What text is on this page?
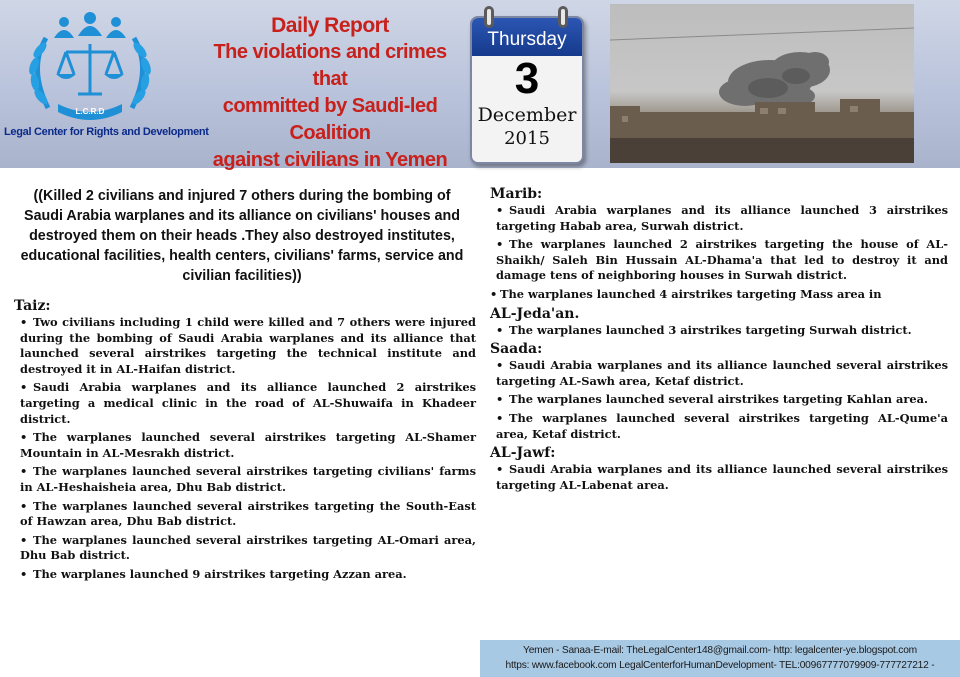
L.C.R.D
Legal Center for Rights and Development
Daily Report
The violations and crimes that
committed by Saudi-led Coalition
against civilians in Yemen
Thursday
3
December
2015

((Killed 2 civilians and injured 7 others during the bombing of Saudi Arabia warplanes and its alliance on civilians' houses and destroyed them on their heads .They also destroyed institutes, educational facilities, health centers, civilians' farms, service and civilian facilities))

Taiz:

• Two civilians including 1 child were killed and 7 others were injured during the bombing of Saudi Arabia warplanes and its alliance that launched several airstrikes targeting the technical institute and destroyed it in AL-Haifan district.

• Saudi Arabia warplanes and its alliance launched 2 airstrikes targeting a medical clinic in the road of AL-Shuwaifa in Khadeer district.

• The warplanes launched several airstrikes targeting AL-Shamer Mountain in AL-Mesrakh district.

• The warplanes launched several airstrikes targeting civilians' farms in AL-Heshaisheia area, Dhu Bab district.

• The warplanes launched several airstrikes targeting the South-East of Hawzan area, Dhu Bab district.

• The warplanes launched several airstrikes targeting AL-Omari area, Dhu Bab district.

• The warplanes launched 9 airstrikes targeting Azzan area.

Marib:

• Saudi Arabia warplanes and its alliance launched 3 airstrikes targeting Habab area, Surwah district.

• The warplanes launched 2 airstrikes targeting the house of AL-Shaikh/ Saleh Bin Hussain AL-Dhama'a that led to destroy it and damage tens of neighboring houses in Surwah district.

• The warplanes launched 4 airstrikes targeting Mass area in

AL-Jeda'an.

• The warplanes launched 3 airstrikes targeting Surwah district.

Saada:

• Saudi Arabia warplanes and its alliance launched several airstrikes targeting AL-Sawh area, Ketaf district.

• The warplanes launched several airstrikes targeting Kahlan area.

• The warplanes launched several airstrikes targeting AL-Qume'a area, Ketaf district.

AL-Jawf:

• Saudi Arabia warplanes and its alliance launched several airstrikes targeting AL-Labenat area.

Yemen - Sanaa-E-mail: TheLegalCenter148@gmail.com- http: legalcenter-ye.blogspot.com
https: www.facebook.com LegalCenterforHumanDevelopment- TEL:00967777079909-777727212 -
